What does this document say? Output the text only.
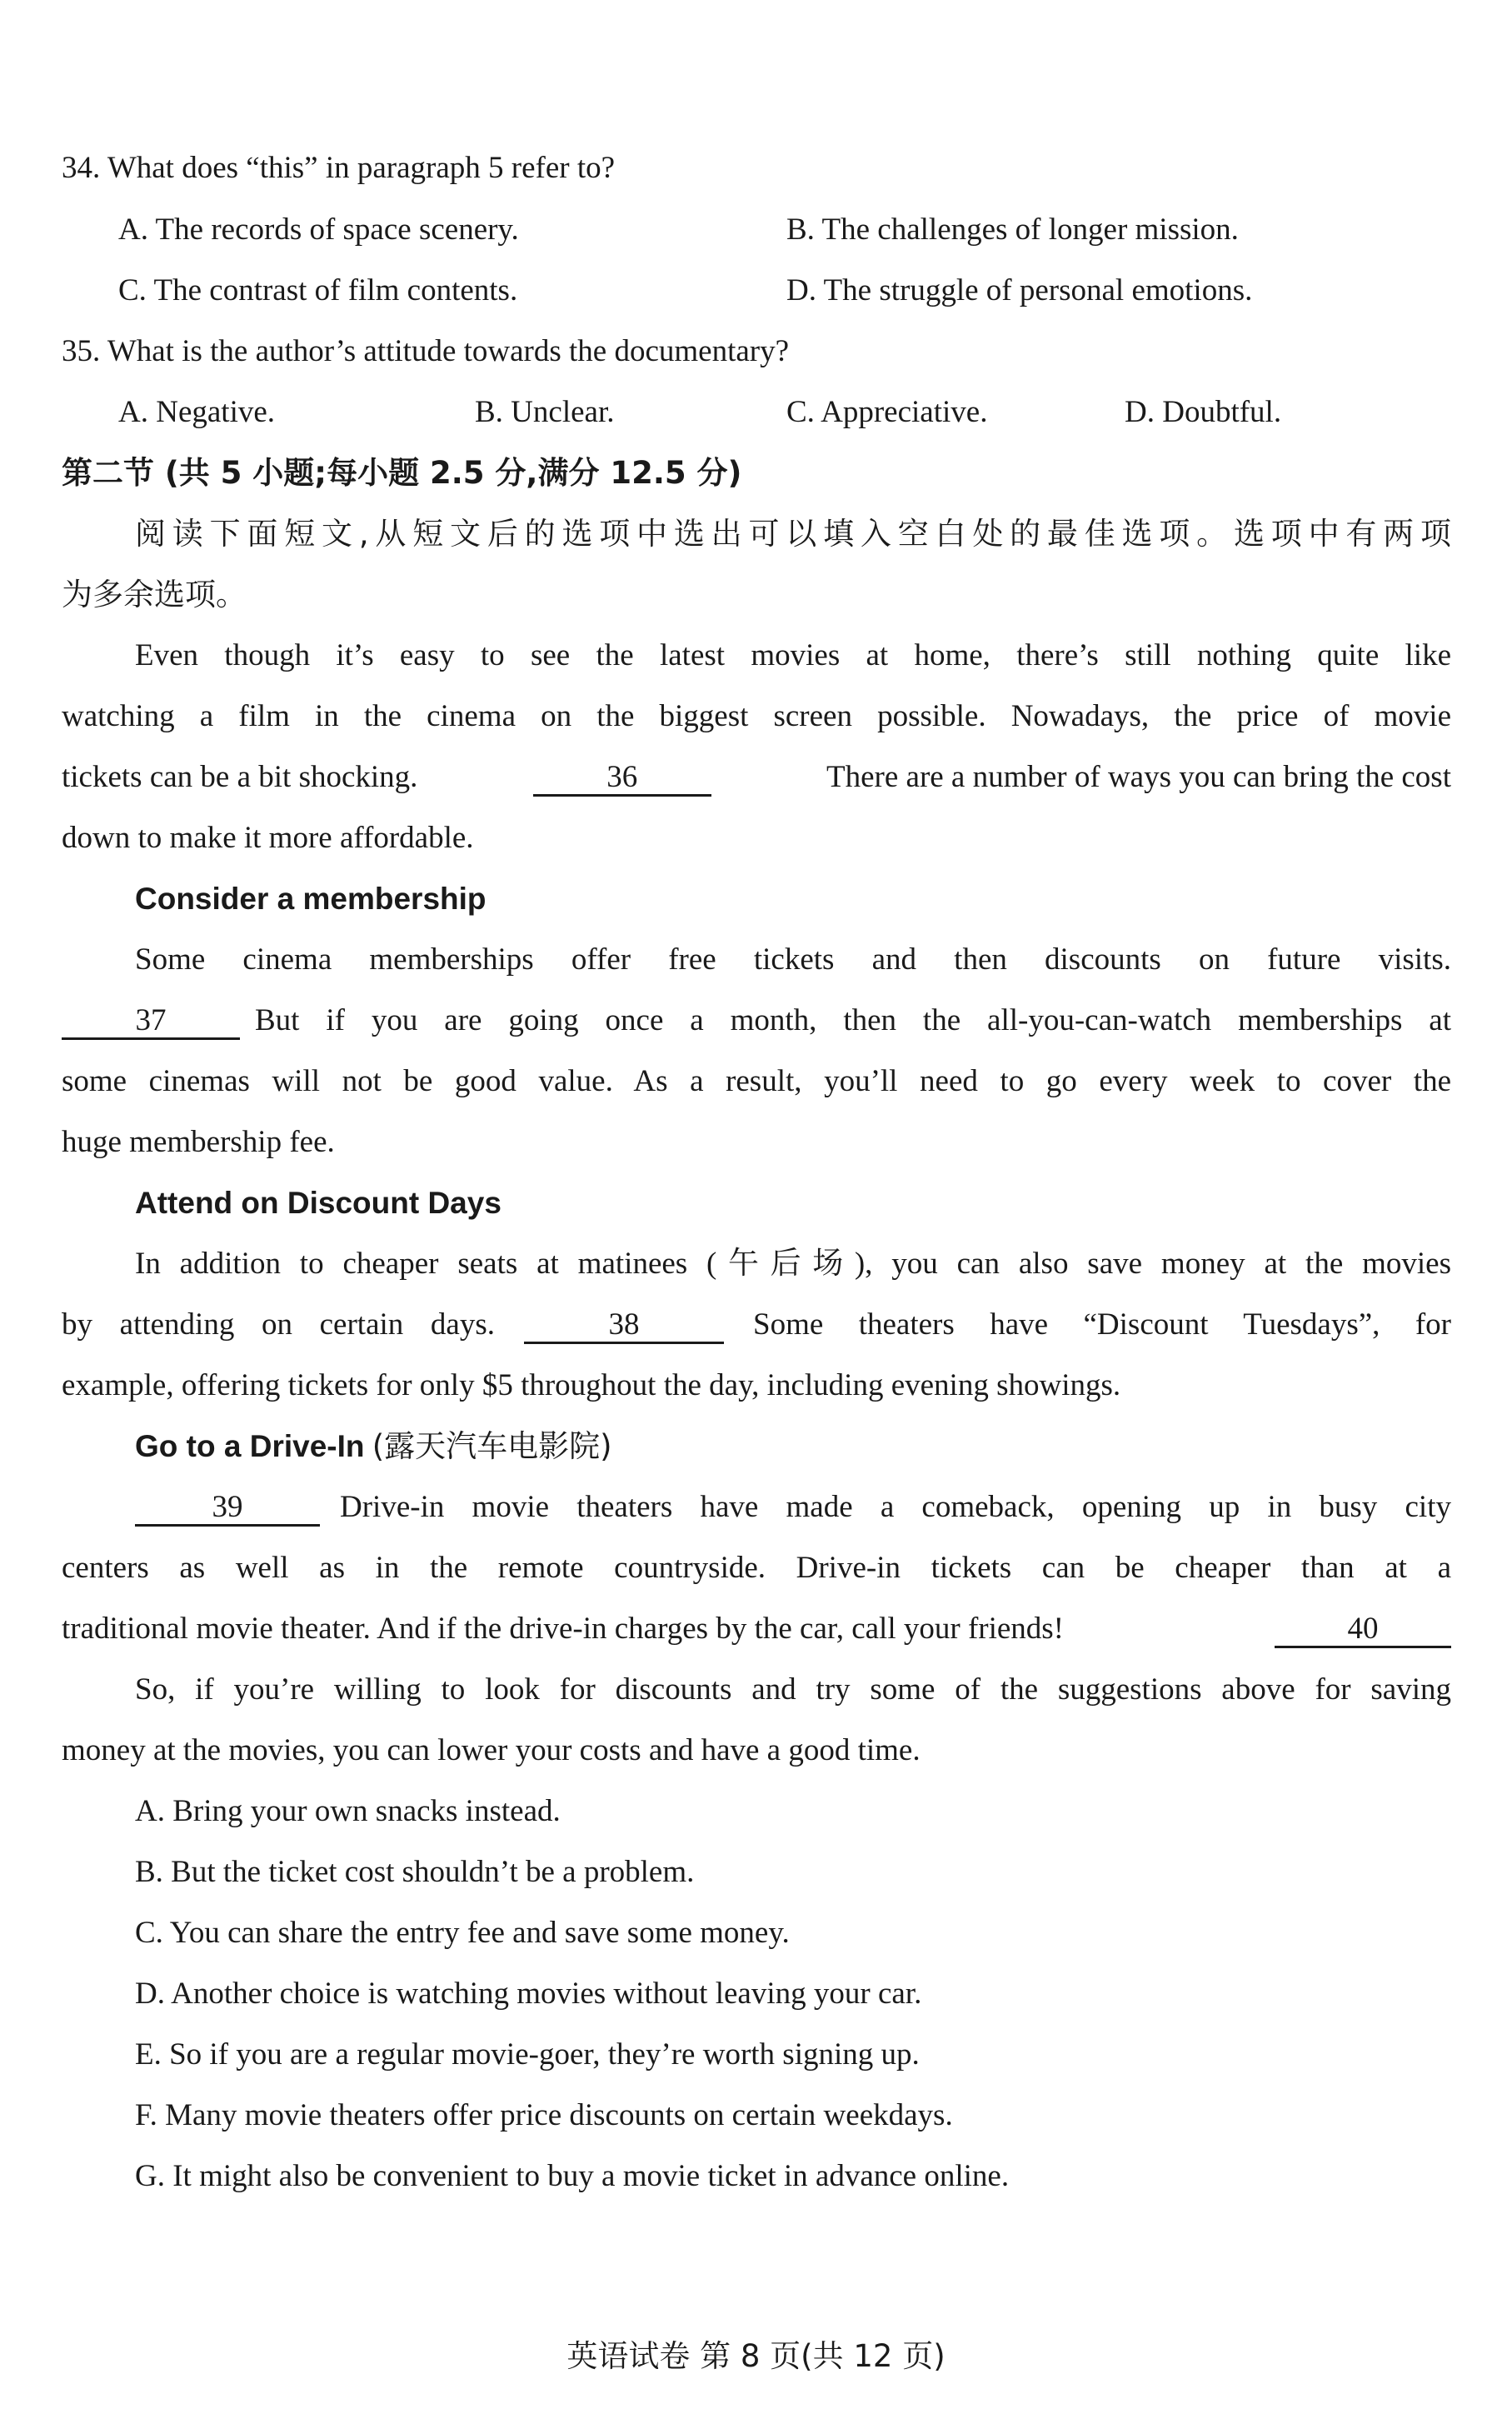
34. What does “this” in paragraph 5 refer to?
A. The records of space scenery.	B. The challenges of longer mission.
C. The contrast of film contents.	D. The struggle of personal emotions.
35. What is the author’s attitude towards the documentary?
A. Negative.	B. Unclear.	C. Appreciative.	D. Doubtful.
第二节 (共 5 小题;每小题 2.5 分,满分 12.5 分)
阅读下面短文,从短文后的选项中选出可以填入空白处的最佳选项。选项中有两项
为多余选项。
Even though it’s easy to see the latest movies at home, there’s still nothing quite like
watching a film in the cinema on the biggest screen possible. Nowadays, the price of movie
tickets can be a bit shocking.	36	There are a number of ways you can bring the cost
down to make it more affordable.
Consider a membership
Some cinema memberships offer free tickets and then discounts on future visits.
37	But if you are going once a month, then the all-you-can-watch memberships at
some cinemas will not be good value. As a result, you’ll need to go every week to cover the
huge membership fee.
Attend on Discount Days
In addition to cheaper seats at matinees (午后场), you can also save money at the movies
by attending on certain days.	38	Some theaters have “Discount Tuesdays”, for
example, offering tickets for only $5 throughout the day, including evening showings.
Go to a Drive-In (露天汽车电影院)
39	Drive-in movie theaters have made a comeback, opening up in busy city
centers as well as in the remote countryside. Drive-in tickets can be cheaper than at a
traditional movie theater. And if the drive-in charges by the car, call your friends!	40
So, if you’re willing to look for discounts and try some of the suggestions above for saving
money at the movies, you can lower your costs and have a good time.
A. Bring your own snacks instead.
B. But the ticket cost shouldn’t be a problem.
C. You can share the entry fee and save some money.
D. Another choice is watching movies without leaving your car.
E. So if you are a regular movie-goer, they’re worth signing up.
F. Many movie theaters offer price discounts on certain weekdays.
G. It might also be convenient to buy a movie ticket in advance online.
英语试卷 第 8 页(共 12 页)
